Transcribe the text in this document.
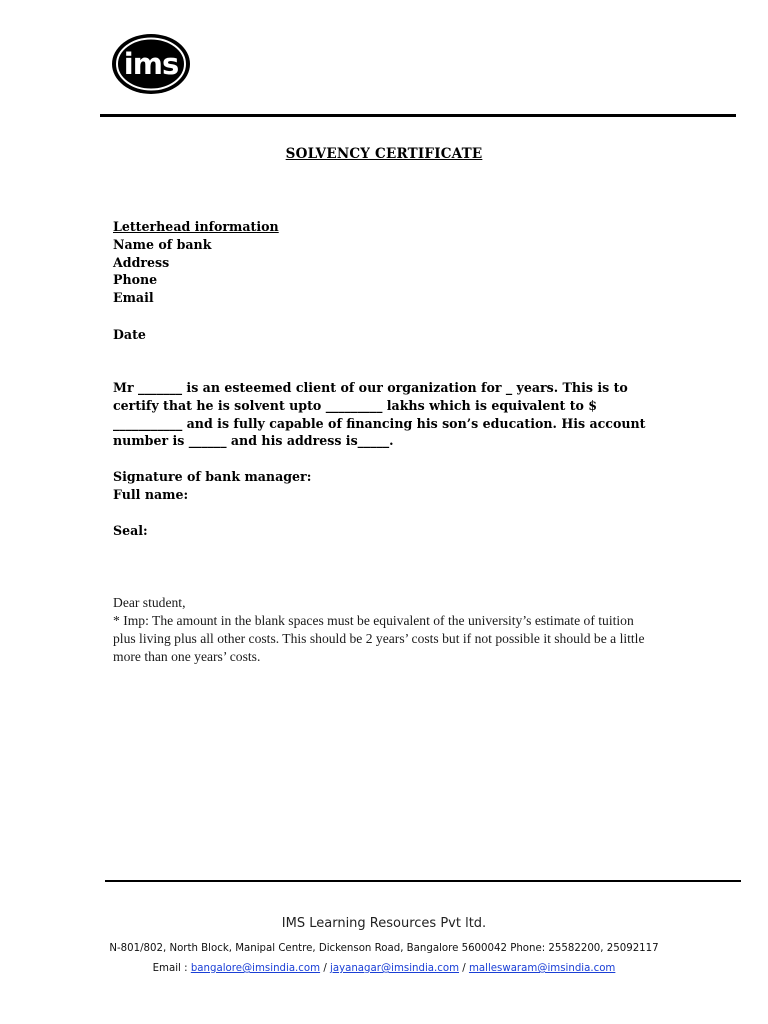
ims
SOLVENCY CERTIFICATE
Letterhead information
Name of bank
Address
Phone
Email
Date
Mr _______ is an esteemed client of our organization for _ years. This is to certify that he is solvent upto _________ lakhs which is equivalent to $ ___________ and is fully capable of financing his son’s education. His account number is ______ and his address is_____.
Signature of bank manager:
Full name:
Seal:
Dear student,
* Imp: The amount in the blank spaces must be equivalent of the university’s estimate of tuition plus living plus all other costs. This should be 2 years’ costs but if not possible it should be a little more than one years’ costs.
IMS Learning Resources Pvt ltd.
N-801/802, North Block, Manipal Centre, Dickenson Road, Bangalore 5600042 Phone: 25582200, 25092117
Email : bangalore@imsindia.com / jayanagar@imsindia.com / malleswaram@imsindia.com
